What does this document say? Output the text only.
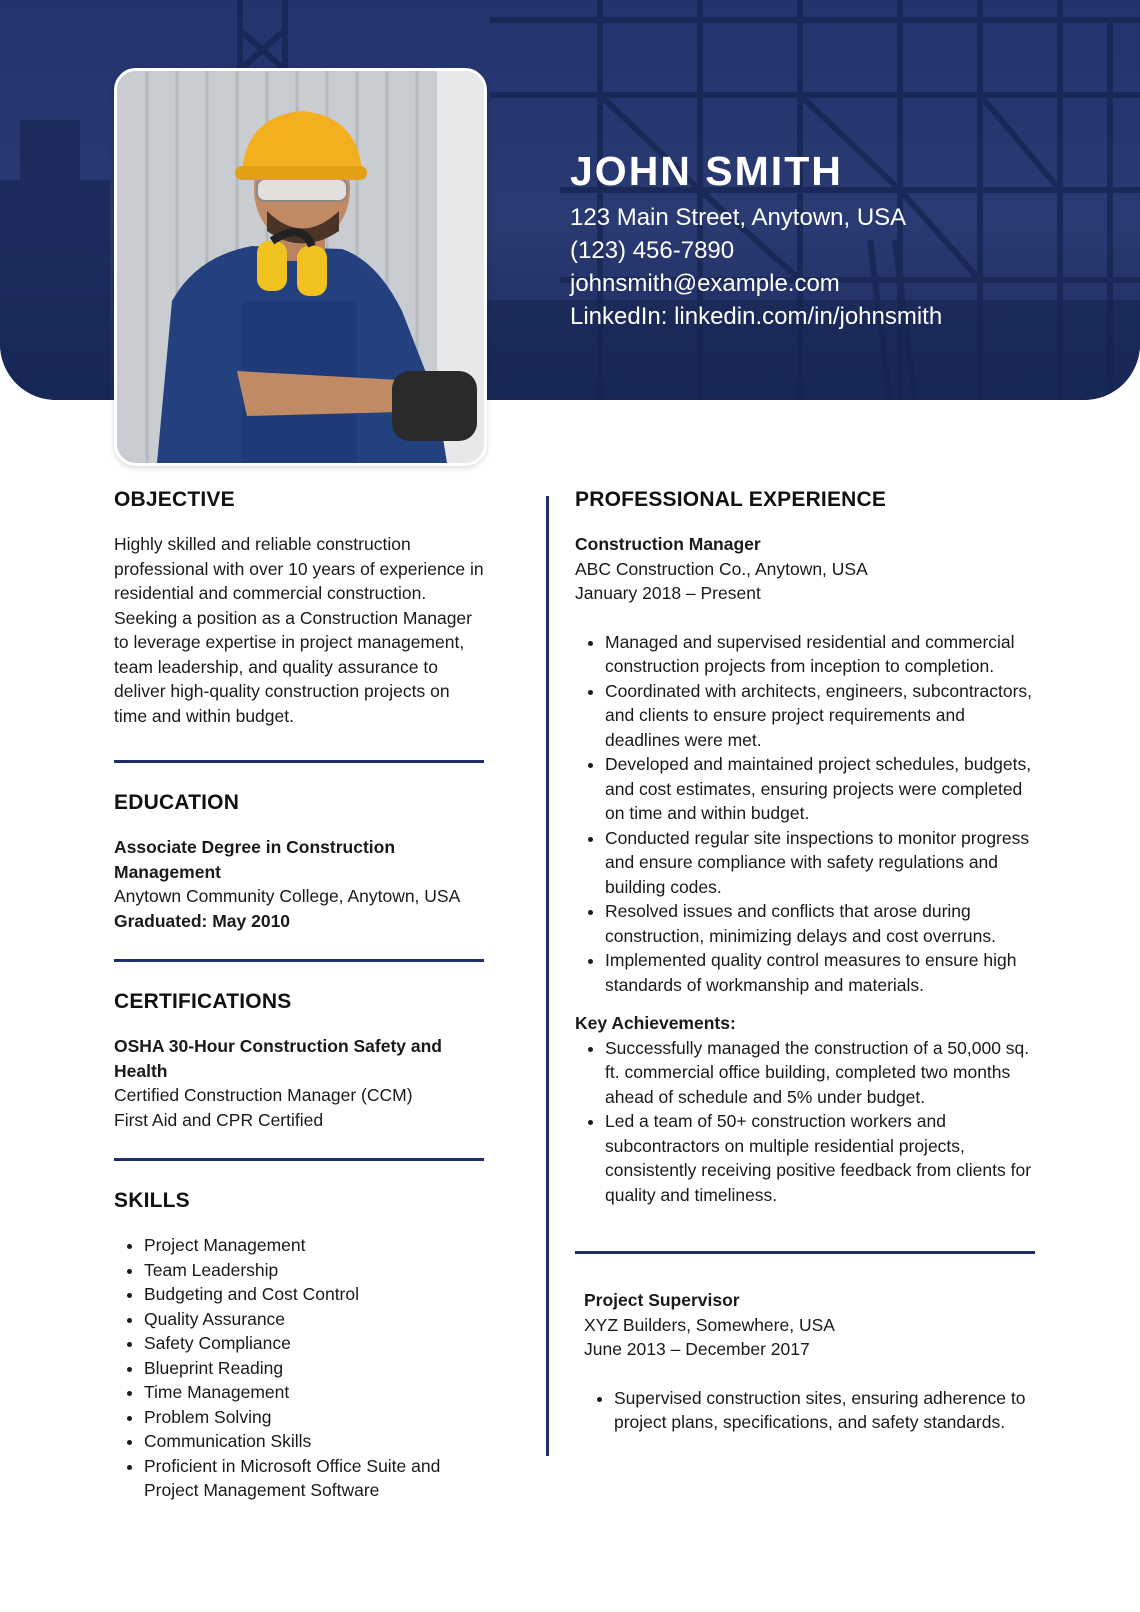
JOHN SMITH
123 Main Street, Anytown, USA
(123) 456-7890
johnsmith@example.com
LinkedIn: linkedin.com/in/johnsmith
OBJECTIVE
Highly skilled and reliable construction professional with over 10 years of experience in residential and commercial construction. Seeking a position as a Construction Manager to leverage expertise in project management, team leadership, and quality assurance to deliver high-quality construction projects on time and within budget.
EDUCATION
Associate Degree in Construction Management
Anytown Community College, Anytown, USA
Graduated: May 2010
CERTIFICATIONS
OSHA 30-Hour Construction Safety and Health
Certified Construction Manager (CCM)
First Aid and CPR Certified
SKILLS
• Project Management
• Team Leadership
• Budgeting and Cost Control
• Quality Assurance
• Safety Compliance
• Blueprint Reading
• Time Management
• Problem Solving
• Communication Skills
• Proficient in Microsoft Office Suite and Project Management Software
PROFESSIONAL EXPERIENCE
Construction Manager
ABC Construction Co., Anytown, USA
January 2018 – Present
• Managed and supervised residential and commercial construction projects from inception to completion.
• Coordinated with architects, engineers, subcontractors, and clients to ensure project requirements and deadlines were met.
• Developed and maintained project schedules, budgets, and cost estimates, ensuring projects were completed on time and within budget.
• Conducted regular site inspections to monitor progress and ensure compliance with safety regulations and building codes.
• Resolved issues and conflicts that arose during construction, minimizing delays and cost overruns.
• Implemented quality control measures to ensure high standards of workmanship and materials.
Key Achievements:
• Successfully managed the construction of a 50,000 sq. ft. commercial office building, completed two months ahead of schedule and 5% under budget.
• Led a team of 50+ construction workers and subcontractors on multiple residential projects, consistently receiving positive feedback from clients for quality and timeliness.
Project Supervisor
XYZ Builders, Somewhere, USA
June 2013 – December 2017
• Supervised construction sites, ensuring adherence to project plans, specifications, and safety standards.
